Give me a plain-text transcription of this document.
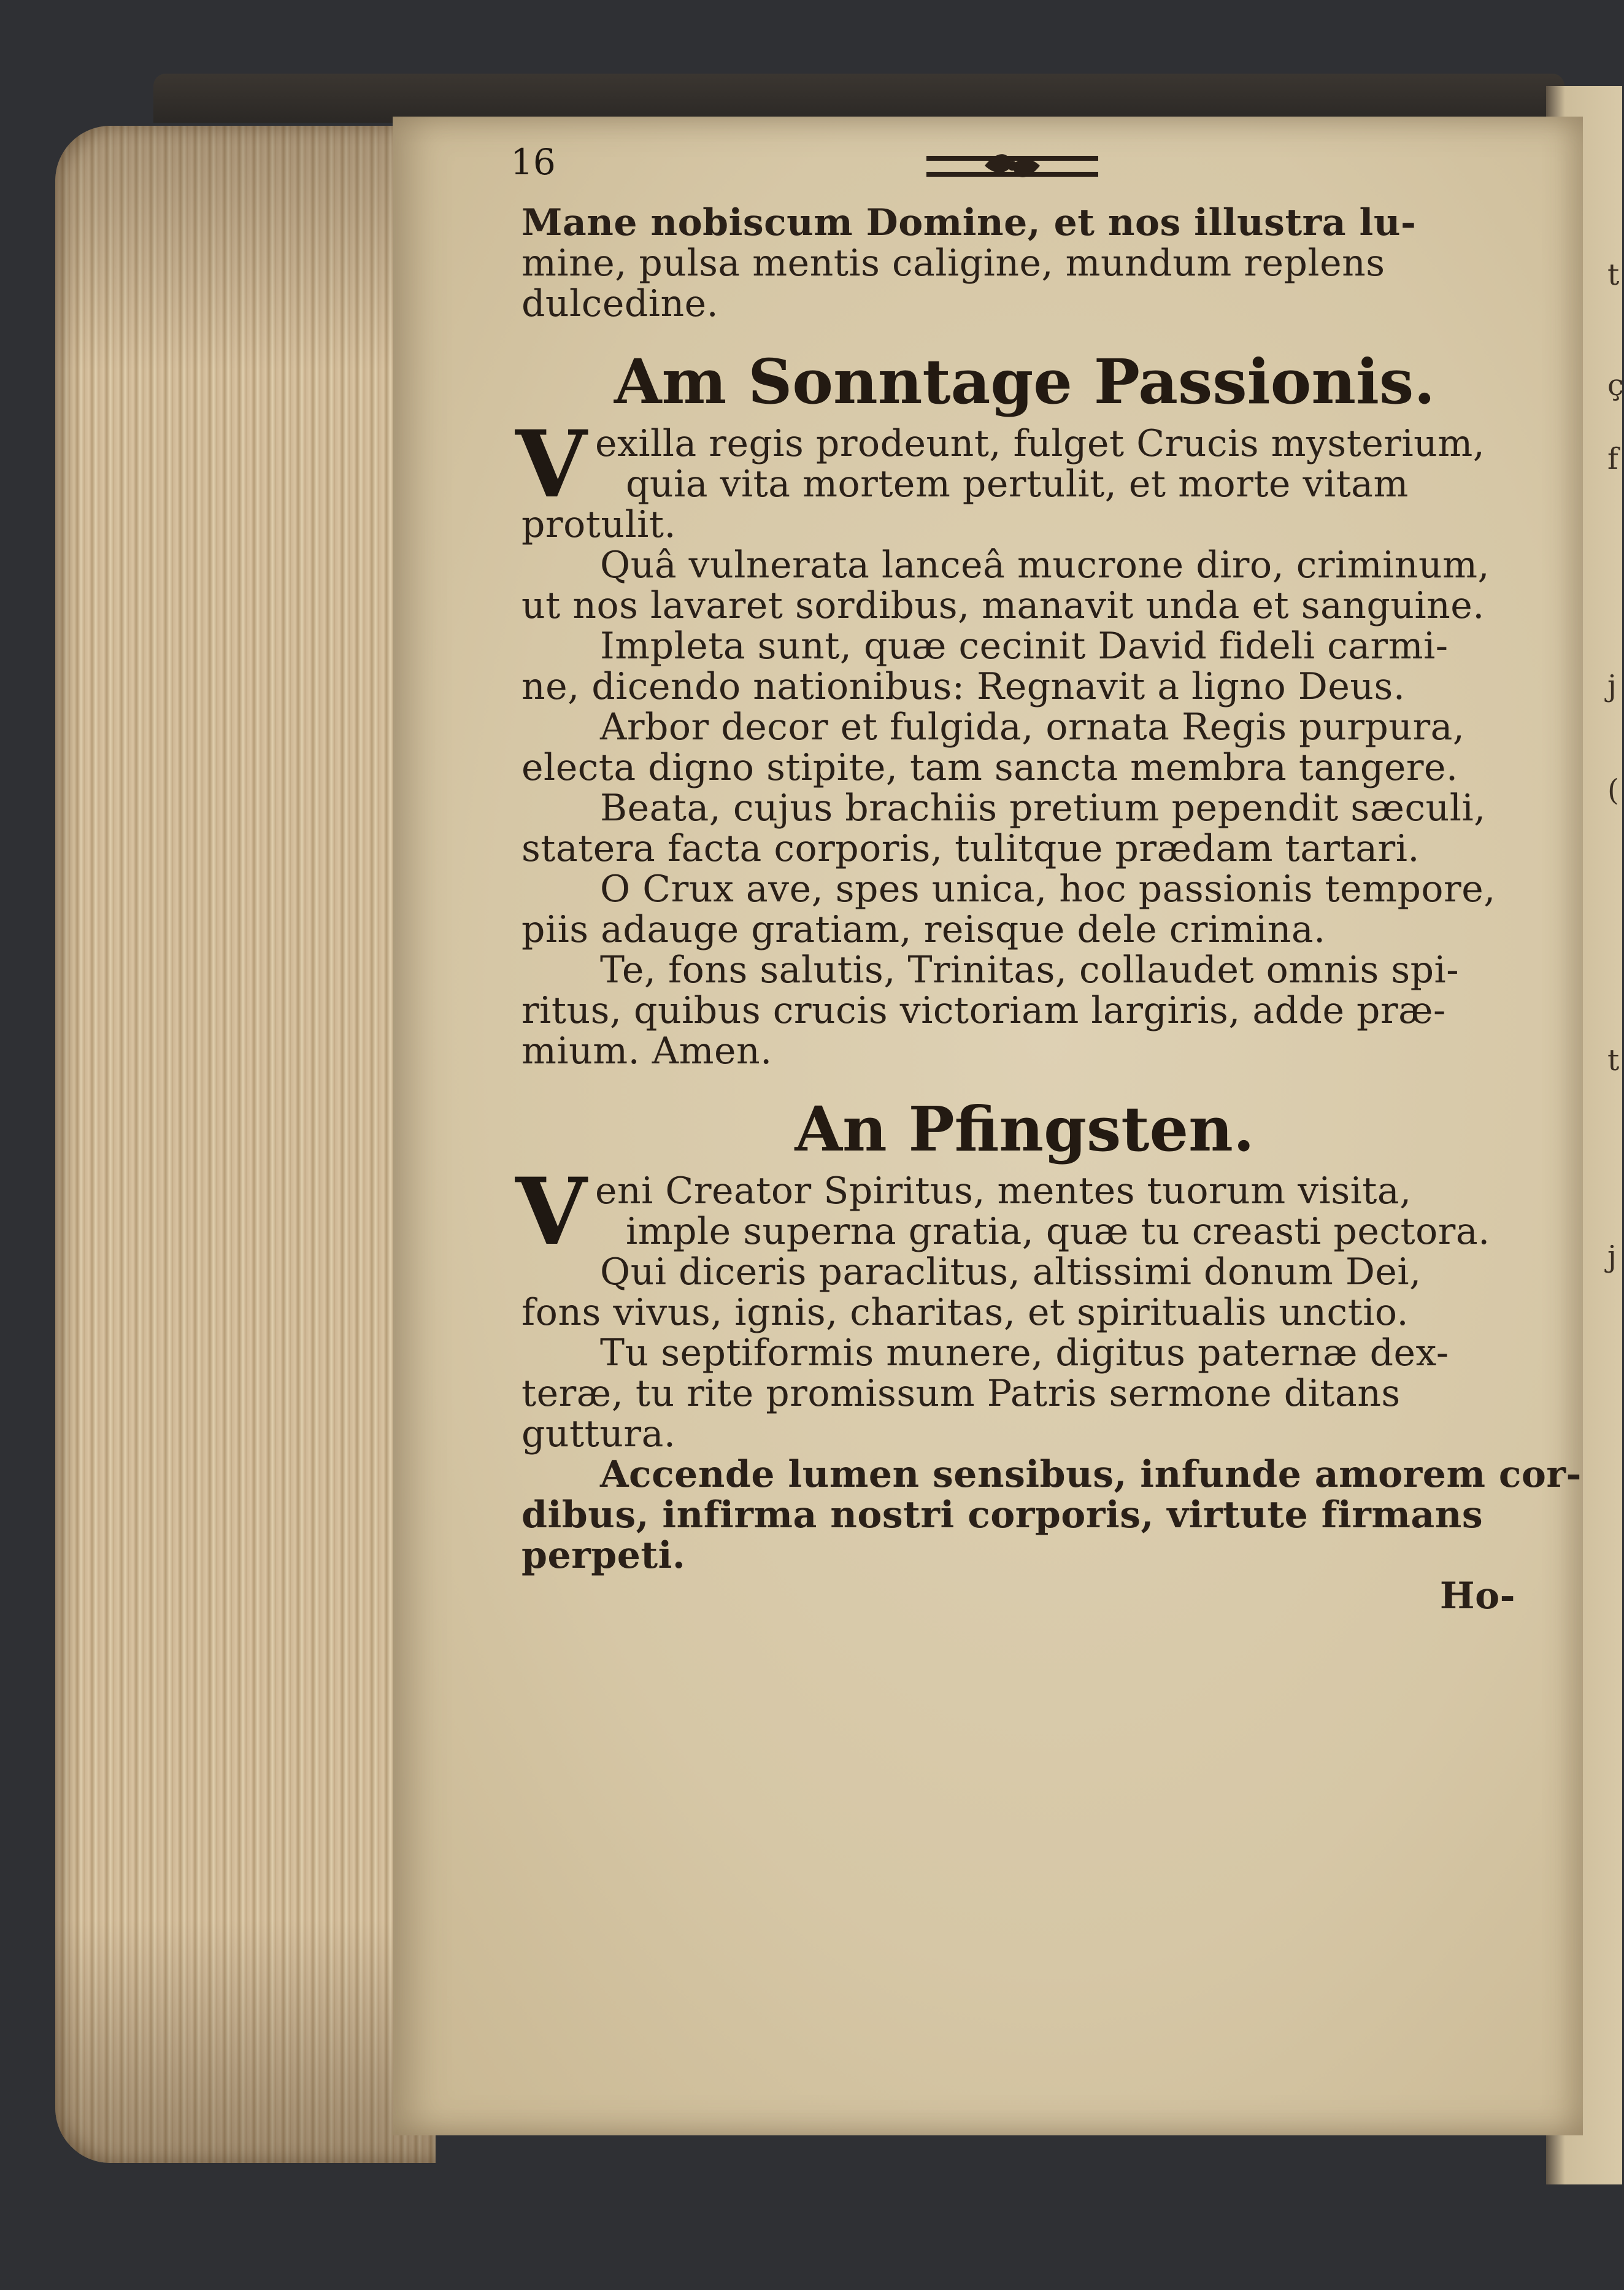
t
ç
f
j
(
t
j
16
Mane nobiscum Domine, et nos illustra lu-
mine, pulsa mentis caligine, mundum replens
dulcedine.
Am Sonntage Passionis.
V exilla regis prodeunt, fulget Crucis mysterium,
quia vita mortem pertulit, et morte vitam
protulit.
Quâ vulnerata lanceâ mucrone diro, criminum,
ut nos lavaret sordibus, manavit unda et sanguine.
Impleta sunt, quæ cecinit David fideli carmi-
ne, dicendo nationibus: Regnavit a ligno Deus.
Arbor decor et fulgida, ornata Regis purpura,
electa digno stipite, tam sancta membra tangere.
Beata, cujus brachiis pretium pependit sæculi,
statera facta corporis, tulitque prædam tartari.
O Crux ave, spes unica, hoc passionis tempore,
piis adauge gratiam, reisque dele crimina.
Te, fons salutis, Trinitas, collaudet omnis spi-
ritus, quibus crucis victoriam largiris, adde præ-
mium. Amen.
An Pfingsten.
V eni Creator Spiritus, mentes tuorum visita,
imple superna gratia, quæ tu creasti pectora.
Qui diceris paraclitus, altissimi donum Dei,
fons vivus, ignis, charitas, et spiritualis unctio.
Tu septiformis munere, digitus paternæ dex-
teræ, tu rite promissum Patris sermone ditans
guttura.
Accende lumen sensibus, infunde amorem cor-
dibus, infirma nostri corporis, virtute firmans
perpeti.
Ho-
